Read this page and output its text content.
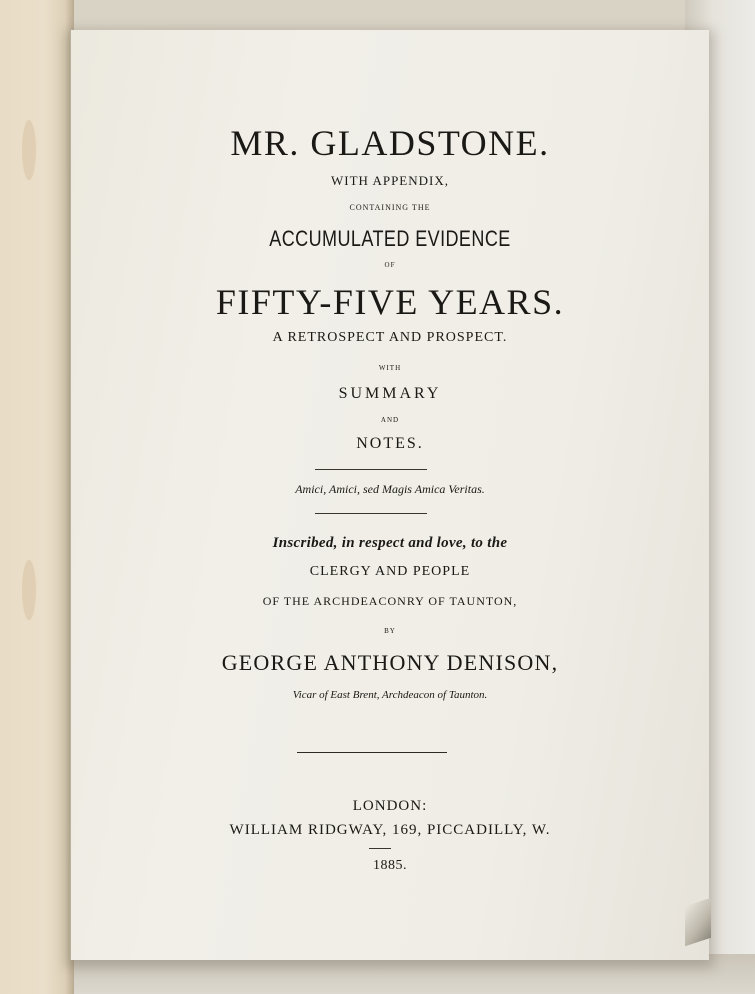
MR. GLADSTONE.
WITH APPENDIX,
CONTAINING THE
ACCUMULATED EVIDENCE
OF
FIFTY-FIVE YEARS.
A RETROSPECT AND PROSPECT.
WITH
SUMMARY
AND
NOTES.
Amici, Amici, sed Magis Amica Veritas.
Inscribed, in respect and love, to the
CLERGY AND PEOPLE
OF THE ARCHDEACONRY OF TAUNTON,
BY
GEORGE ANTHONY DENISON,
Vicar of East Brent, Archdeacon of Taunton.
LONDON:
WILLIAM RIDGWAY, 169, PICCADILLY, W.
1885.
